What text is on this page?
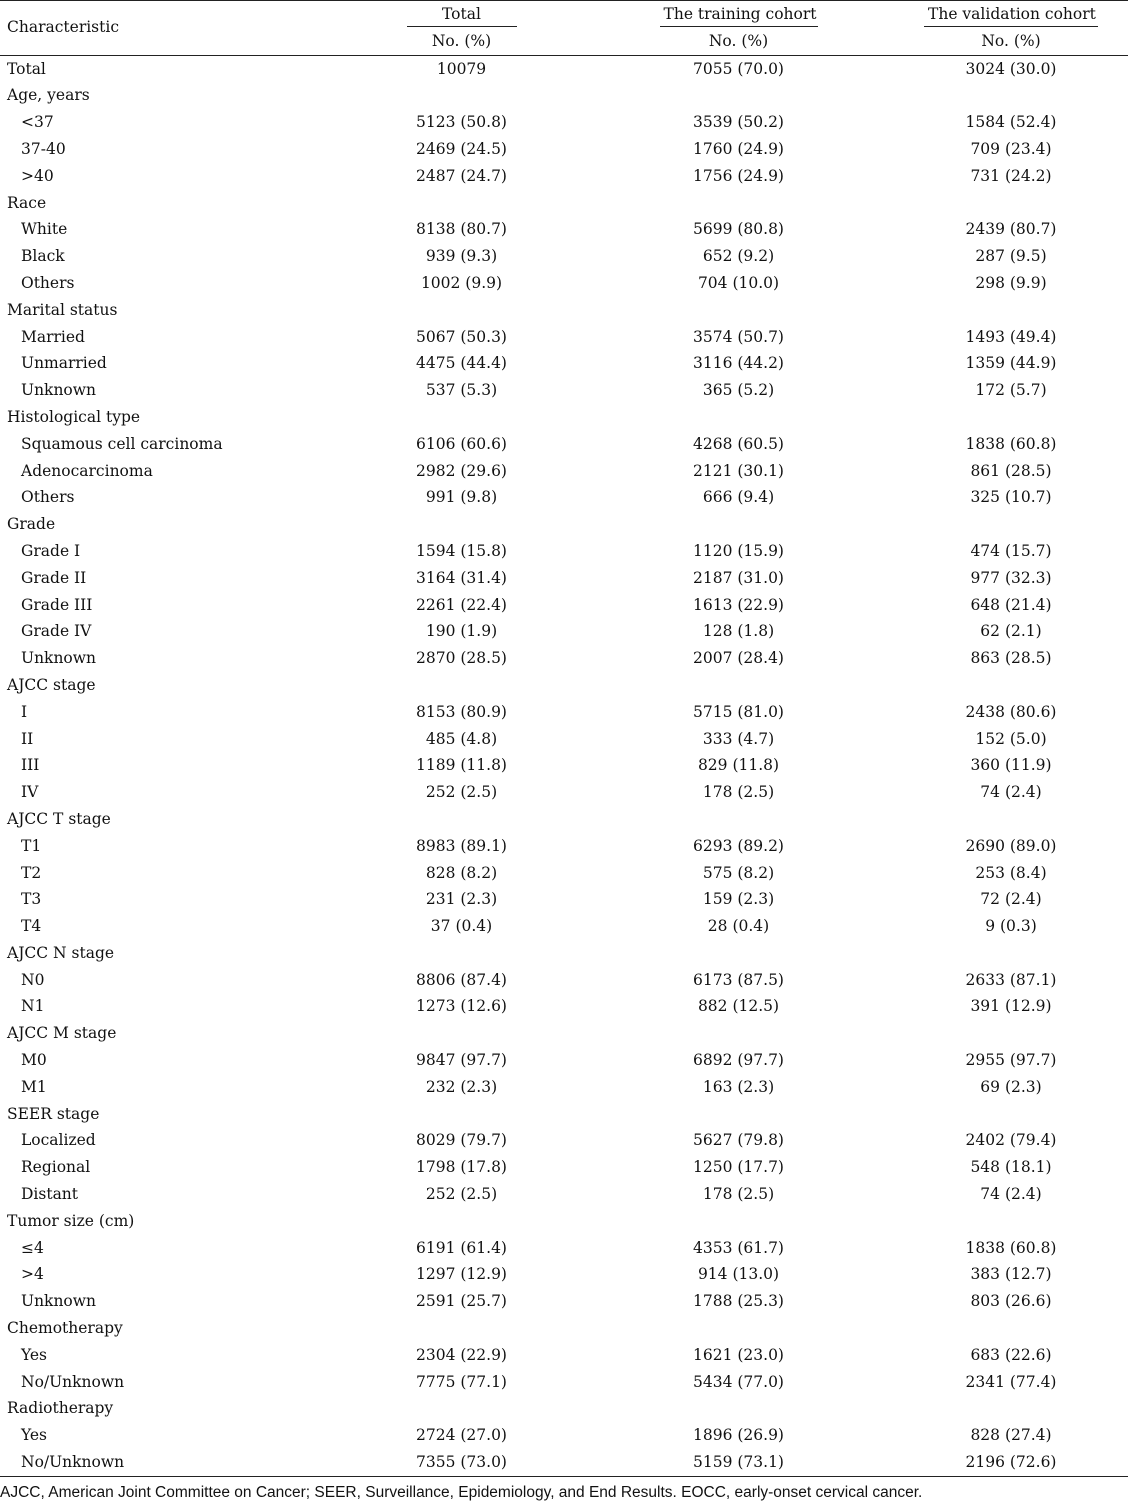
Characteristic	Total	The training cohort	The validation cohort
	No. (%)	No. (%)	No. (%)
Total	10079	7055 (70.0)	3024 (30.0)
Age, years			
<37	5123 (50.8)	3539 (50.2)	1584 (52.4)
37-40	2469 (24.5)	1760 (24.9)	709 (23.4)
>40	2487 (24.7)	1756 (24.9)	731 (24.2)
Race			
White	8138 (80.7)	5699 (80.8)	2439 (80.7)
Black	939 (9.3)	652 (9.2)	287 (9.5)
Others	1002 (9.9)	704 (10.0)	298 (9.9)
Marital status			
Married	5067 (50.3)	3574 (50.7)	1493 (49.4)
Unmarried	4475 (44.4)	3116 (44.2)	1359 (44.9)
Unknown	537 (5.3)	365 (5.2)	172 (5.7)
Histological type			
Squamous cell carcinoma	6106 (60.6)	4268 (60.5)	1838 (60.8)
Adenocarcinoma	2982 (29.6)	2121 (30.1)	861 (28.5)
Others	991 (9.8)	666 (9.4)	325 (10.7)
Grade			
Grade I	1594 (15.8)	1120 (15.9)	474 (15.7)
Grade II	3164 (31.4)	2187 (31.0)	977 (32.3)
Grade III	2261 (22.4)	1613 (22.9)	648 (21.4)
Grade IV	190 (1.9)	128 (1.8)	62 (2.1)
Unknown	2870 (28.5)	2007 (28.4)	863 (28.5)
AJCC stage			
I	8153 (80.9)	5715 (81.0)	2438 (80.6)
II	485 (4.8)	333 (4.7)	152 (5.0)
III	1189 (11.8)	829 (11.8)	360 (11.9)
IV	252 (2.5)	178 (2.5)	74 (2.4)
AJCC T stage			
T1	8983 (89.1)	6293 (89.2)	2690 (89.0)
T2	828 (8.2)	575 (8.2)	253 (8.4)
T3	231 (2.3)	159 (2.3)	72 (2.4)
T4	37 (0.4)	28 (0.4)	9 (0.3)
AJCC N stage			
N0	8806 (87.4)	6173 (87.5)	2633 (87.1)
N1	1273 (12.6)	882 (12.5)	391 (12.9)
AJCC M stage			
M0	9847 (97.7)	6892 (97.7)	2955 (97.7)
M1	232 (2.3)	163 (2.3)	69 (2.3)
SEER stage			
Localized	8029 (79.7)	5627 (79.8)	2402 (79.4)
Regional	1798 (17.8)	1250 (17.7)	548 (18.1)
Distant	252 (2.5)	178 (2.5)	74 (2.4)
Tumor size (cm)			
≤4	6191 (61.4)	4353 (61.7)	1838 (60.8)
>4	1297 (12.9)	914 (13.0)	383 (12.7)
Unknown	2591 (25.7)	1788 (25.3)	803 (26.6)
Chemotherapy			
Yes	2304 (22.9)	1621 (23.0)	683 (22.6)
No/Unknown	7775 (77.1)	5434 (77.0)	2341 (77.4)
Radiotherapy			
Yes	2724 (27.0)	1896 (26.9)	828 (27.4)
No/Unknown	7355 (73.0)	5159 (73.1)	2196 (72.6)
AJCC, American Joint Committee on Cancer; SEER, Surveillance, Epidemiology, and End Results. EOCC, early-onset cervical cancer.
